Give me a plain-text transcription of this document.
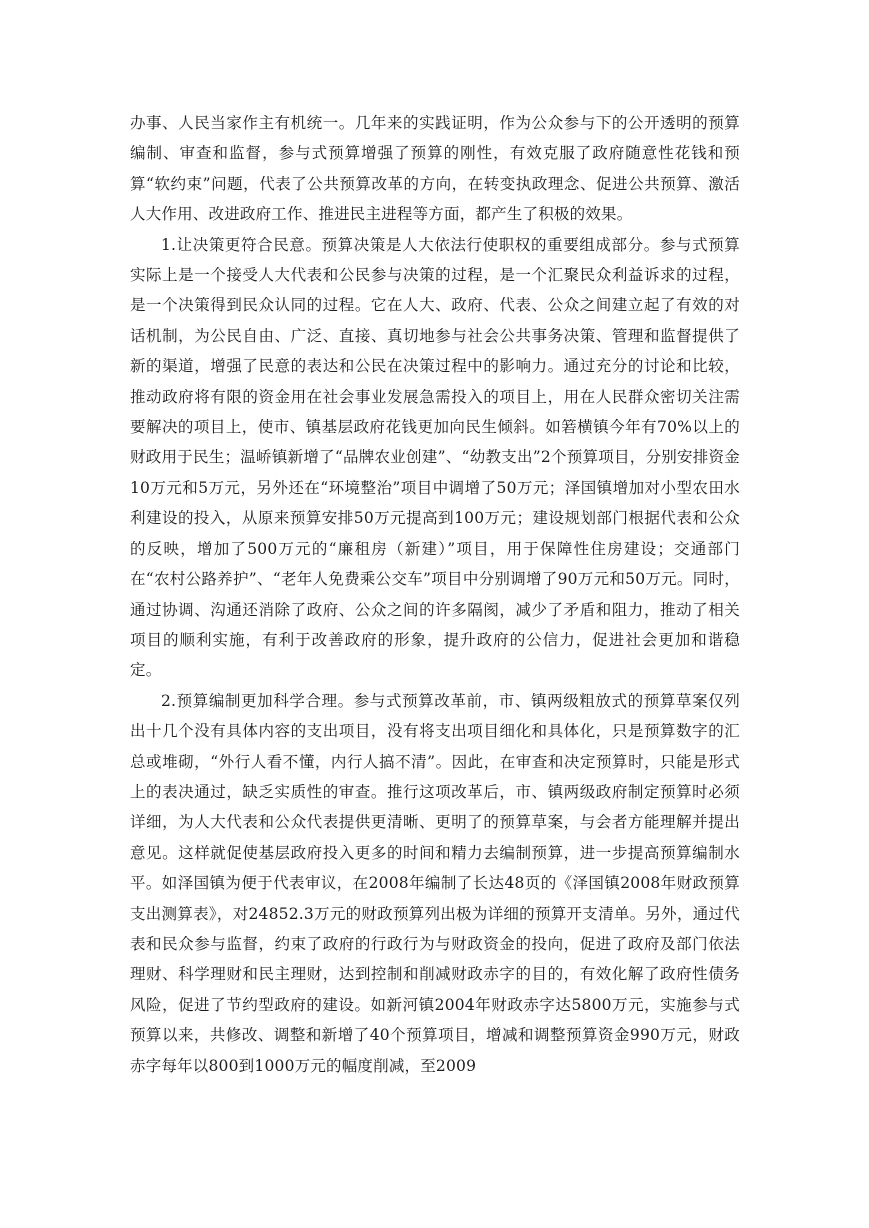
办事、人民当家作主有机统一。几年来的实践证明，作为公众参与下的公开透明的预算编制、审查和监督，参与式预算增强了预算的刚性，有效克服了政府随意性花钱和预算“软约束”问题，代表了公共预算改革的方向，在转变执政理念、促进公共预算、激活人大作用、改进政府工作、推进民主进程等方面，都产生了积极的效果。

1.让决策更符合民意。预算决策是人大依法行使职权的重要组成部分。参与式预算实际上是一个接受人大代表和公民参与决策的过程，是一个汇聚民众利益诉求的过程，是一个决策得到民众认同的过程。它在人大、政府、代表、公众之间建立起了有效的对话机制，为公民自由、广泛、直接、真切地参与社会公共事务决策、管理和监督提供了新的渠道，增强了民意的表达和公民在决策过程中的影响力。通过充分的讨论和比较，推动政府将有限的资金用在社会事业发展急需投入的项目上，用在人民群众密切关注需要解决的项目上，使市、镇基层政府花钱更加向民生倾斜。如箬横镇今年有70%以上的财政用于民生；温峤镇新增了“品牌农业创建”、“幼教支出”2个预算项目，分别安排资金10万元和5万元，另外还在“环境整治”项目中调增了50万元；泽国镇增加对小型农田水利建设的投入，从原来预算安排50万元提高到100万元；建设规划部门根据代表和公众的反映，增加了500万元的“廉租房（新建）”项目，用于保障性住房建设；交通部门在“农村公路养护”、“老年人免费乘公交车”项目中分别调增了90万元和50万元。同时，通过协调、沟通还消除了政府、公众之间的许多隔阂，减少了矛盾和阻力，推动了相关项目的顺利实施，有利于改善政府的形象，提升政府的公信力，促进社会更加和谐稳定。

2.预算编制更加科学合理。参与式预算改革前，市、镇两级粗放式的预算草案仅列出十几个没有具体内容的支出项目，没有将支出项目细化和具体化，只是预算数字的汇总或堆砌，“外行人看不懂，内行人搞不清”。因此，在审查和决定预算时，只能是形式上的表决通过，缺乏实质性的审查。推行这项改革后，市、镇两级政府制定预算时必须详细，为人大代表和公众代表提供更清晰、更明了的预算草案，与会者方能理解并提出意见。这样就促使基层政府投入更多的时间和精力去编制预算，进一步提高预算编制水平。如泽国镇为便于代表审议，在2008年编制了长达48页的《泽国镇2008年财政预算支出测算表》，对24852.3万元的财政预算列出极为详细的预算开支清单。另外，通过代表和民众参与监督，约束了政府的行政行为与财政资金的投向，促进了政府及部门依法理财、科学理财和民主理财，达到控制和削减财政赤字的目的，有效化解了政府性债务风险，促进了节约型政府的建设。如新河镇2004年财政赤字达5800万元，实施参与式预算以来，共修改、调整和新增了40个预算项目，增减和调整预算资金990万元，财政赤字每年以800到1000万元的幅度削减，至2009
